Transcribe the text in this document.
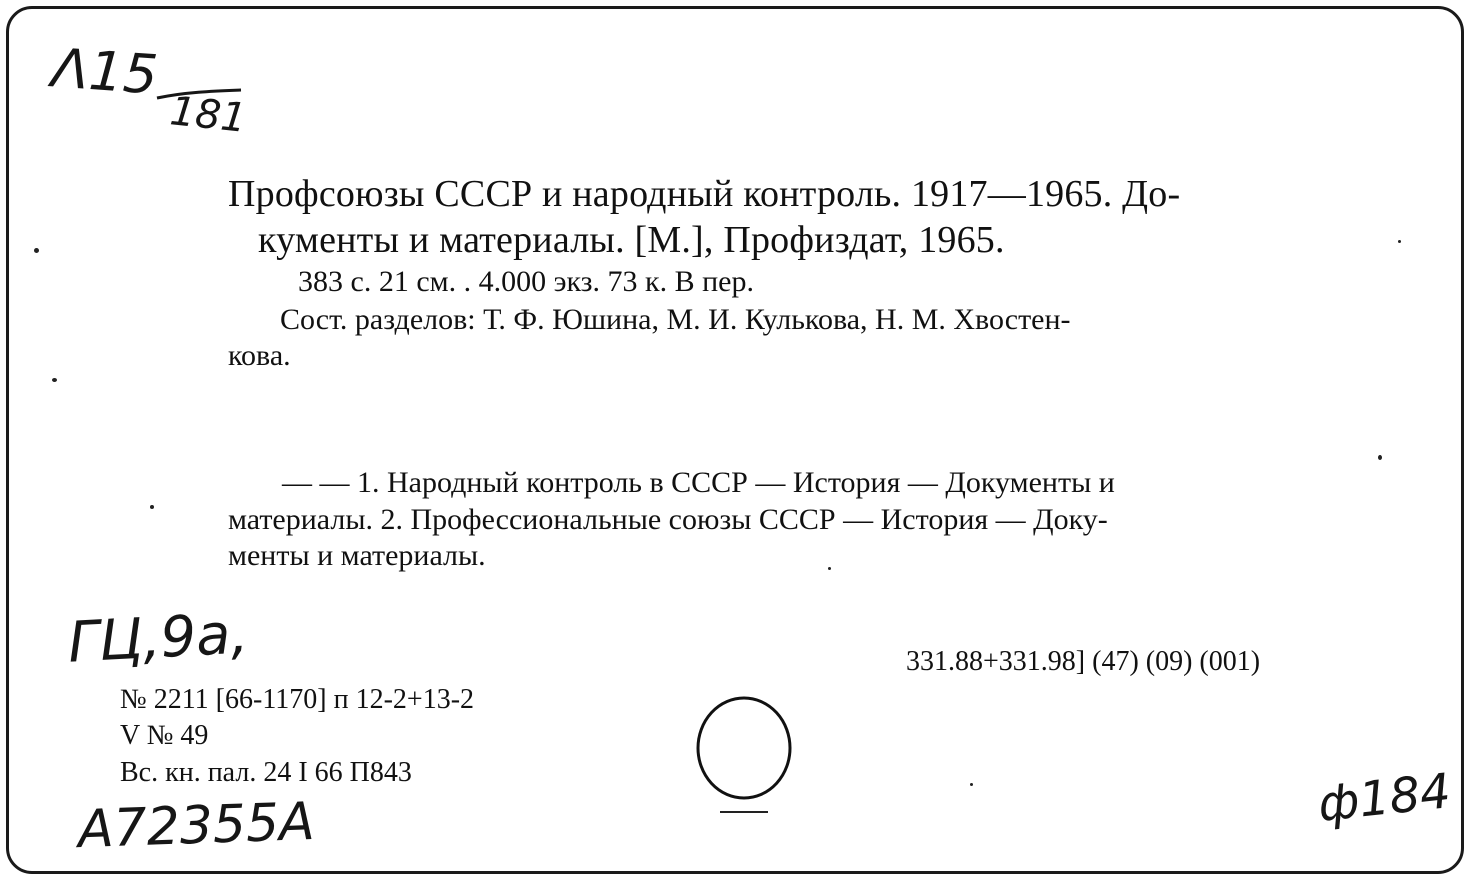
Λ15
181
Профсоюзы СССР и народный контроль. 1917—1965. До-
кументы и материалы. [М.], Профиздат, 1965.
383 с. 21 см. . 4.000 экз. 73 к. В пер.
Сост. разделов: Т. Ф. Юшина, М. И. Кулькова, Н. М. Хвостен-
кова.
— — 1. Народный контроль в СССР — История — Документы и
материалы. 2. Профессиональные союзы СССР — История — Доку-
менты и материалы.
ГЦ,9а,	331.88+331.98] (47) (09) (001)
№ 2211 [66-1170] п 12-2+13-2
V № 49
Вс. кн. пал. 24 I 66 П843
А72355А	ф184
